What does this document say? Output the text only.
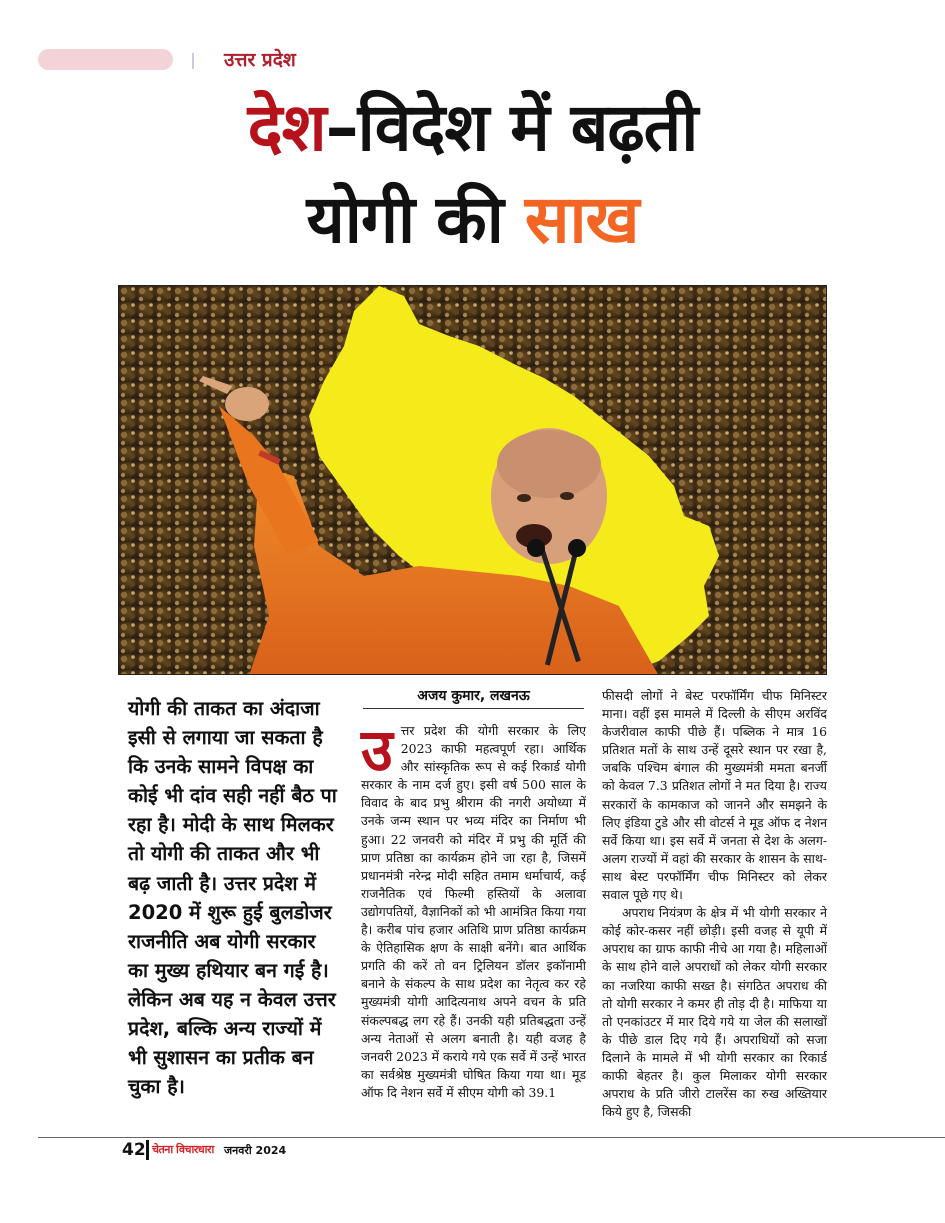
उत्तर प्रदेश
देश–विदेश में बढ़ती
योगी की साख
योगी की ताकत का अंदाजा इसी से लगाया जा सकता है कि उनके सामने विपक्ष का कोई भी दांव सही नहीं बैठ पा रहा है। मोदी के साथ मिलकर तो योगी की ताकत और भी बढ़ जाती है। उत्तर प्रदेश में 2020 में शुरू हुई बुलडोजर राजनीति अब योगी सरकार का मुख्य हथियार बन गई है। लेकिन अब यह न केवल उत्तर प्रदेश, बल्कि अन्य राज्यों में भी सुशासन का प्रतीक बन चुका है।
अजय कुमार, लखनऊ

उत्तर प्रदेश की योगी सरकार के लिए 2023 काफी महत्वपूर्ण रहा। आर्थिक और सांस्कृतिक रूप से कई रिकार्ड योगी सरकार के नाम दर्ज हुए। इसी वर्ष 500 साल के विवाद के बाद प्रभु श्रीराम की नगरी अयोध्या में उनके जन्म स्थान पर भव्य मंदिर का निर्माण भी हुआ। 22 जनवरी को मंदिर में प्रभु की मूर्ति की प्राण प्रतिष्ठा का कार्यक्रम होने जा रहा है, जिसमें प्रधानमंत्री नरेन्द्र मोदी सहित तमाम धर्माचार्य, कई राजनैतिक एवं फिल्मी हस्तियों के अलावा उद्योगपतियों, वैज्ञानिकों को भी आमंत्रित किया गया है। करीब पांच हजार अतिथि प्राण प्रतिष्ठा कार्यक्रम के ऐतिहासिक क्षण के साक्षी बनेंगे। बात आर्थिक प्रगति की करें तो वन ट्रिलियन डॉलर इकॉनामी बनाने के संकल्प के साथ प्रदेश का नेतृत्व कर रहे मुख्यमंत्री योगी आदित्यनाथ अपने वचन के प्रति संकल्पबद्ध लग रहे हैं। उनकी यही प्रतिबद्धता उन्हें अन्य नेताओं से अलग बनाती है। यही वजह है जनवरी 2023 में कराये गये एक सर्वे में उन्हें भारत का सर्वश्रेष्ठ मुख्यमंत्री घोषित किया गया था। मूड ऑफ दि नेशन सर्वे में सीएम योगी को 39.1

फीसदी लोगों ने बेस्ट परफॉर्मिंग चीफ मिनिस्टर माना। वहीं इस मामले में दिल्ली के सीएम अरविंद केजरीवाल काफी पीछे हैं। पब्लिक ने मात्र 16 प्रतिशत मतों के साथ उन्हें दूसरे स्थान पर रखा है, जबकि पश्चिम बंगाल की मुख्यमंत्री ममता बनर्जी को केवल 7.3 प्रतिशत लोगों ने मत दिया है। राज्य सरकारों के कामकाज को जानने और समझने के लिए इंडिया टुडे और सी वोटर्स ने मूड ऑफ द नेशन सर्वे किया था। इस सर्वे में जनता से देश के अलग-अलग राज्यों में वहां की सरकार के शासन के साथ-साथ बेस्ट परफॉर्मिंग चीफ मिनिस्टर को लेकर सवाल पूछे गए थे।

अपराध नियंत्रण के क्षेत्र में भी योगी सरकार ने कोई कोर-कसर नहीं छोड़ी। इसी वजह से यूपी में अपराध का ग्राफ काफी नीचे आ गया है। महिलाओं के साथ होने वाले अपराधों को लेकर योगी सरकार का नजरिया काफी सख्त है। संगठित अपराध की तो योगी सरकार ने कमर ही तोड़ दी है। माफिया या तो एनकांउटर में मार दिये गये या जेल की सलाखों के पीछे डाल दिए गये हैं। अपराधियों को सजा दिलाने के मामले में भी योगी सरकार का रिकार्ड काफी बेहतर है। कुल मिलाकर योगी सरकार अपराध के प्रति जीरो टालरेंस का रुख अख्तियार किये हुए है, जिसकी

42 चेतना विचारधारा जनवरी 2024
